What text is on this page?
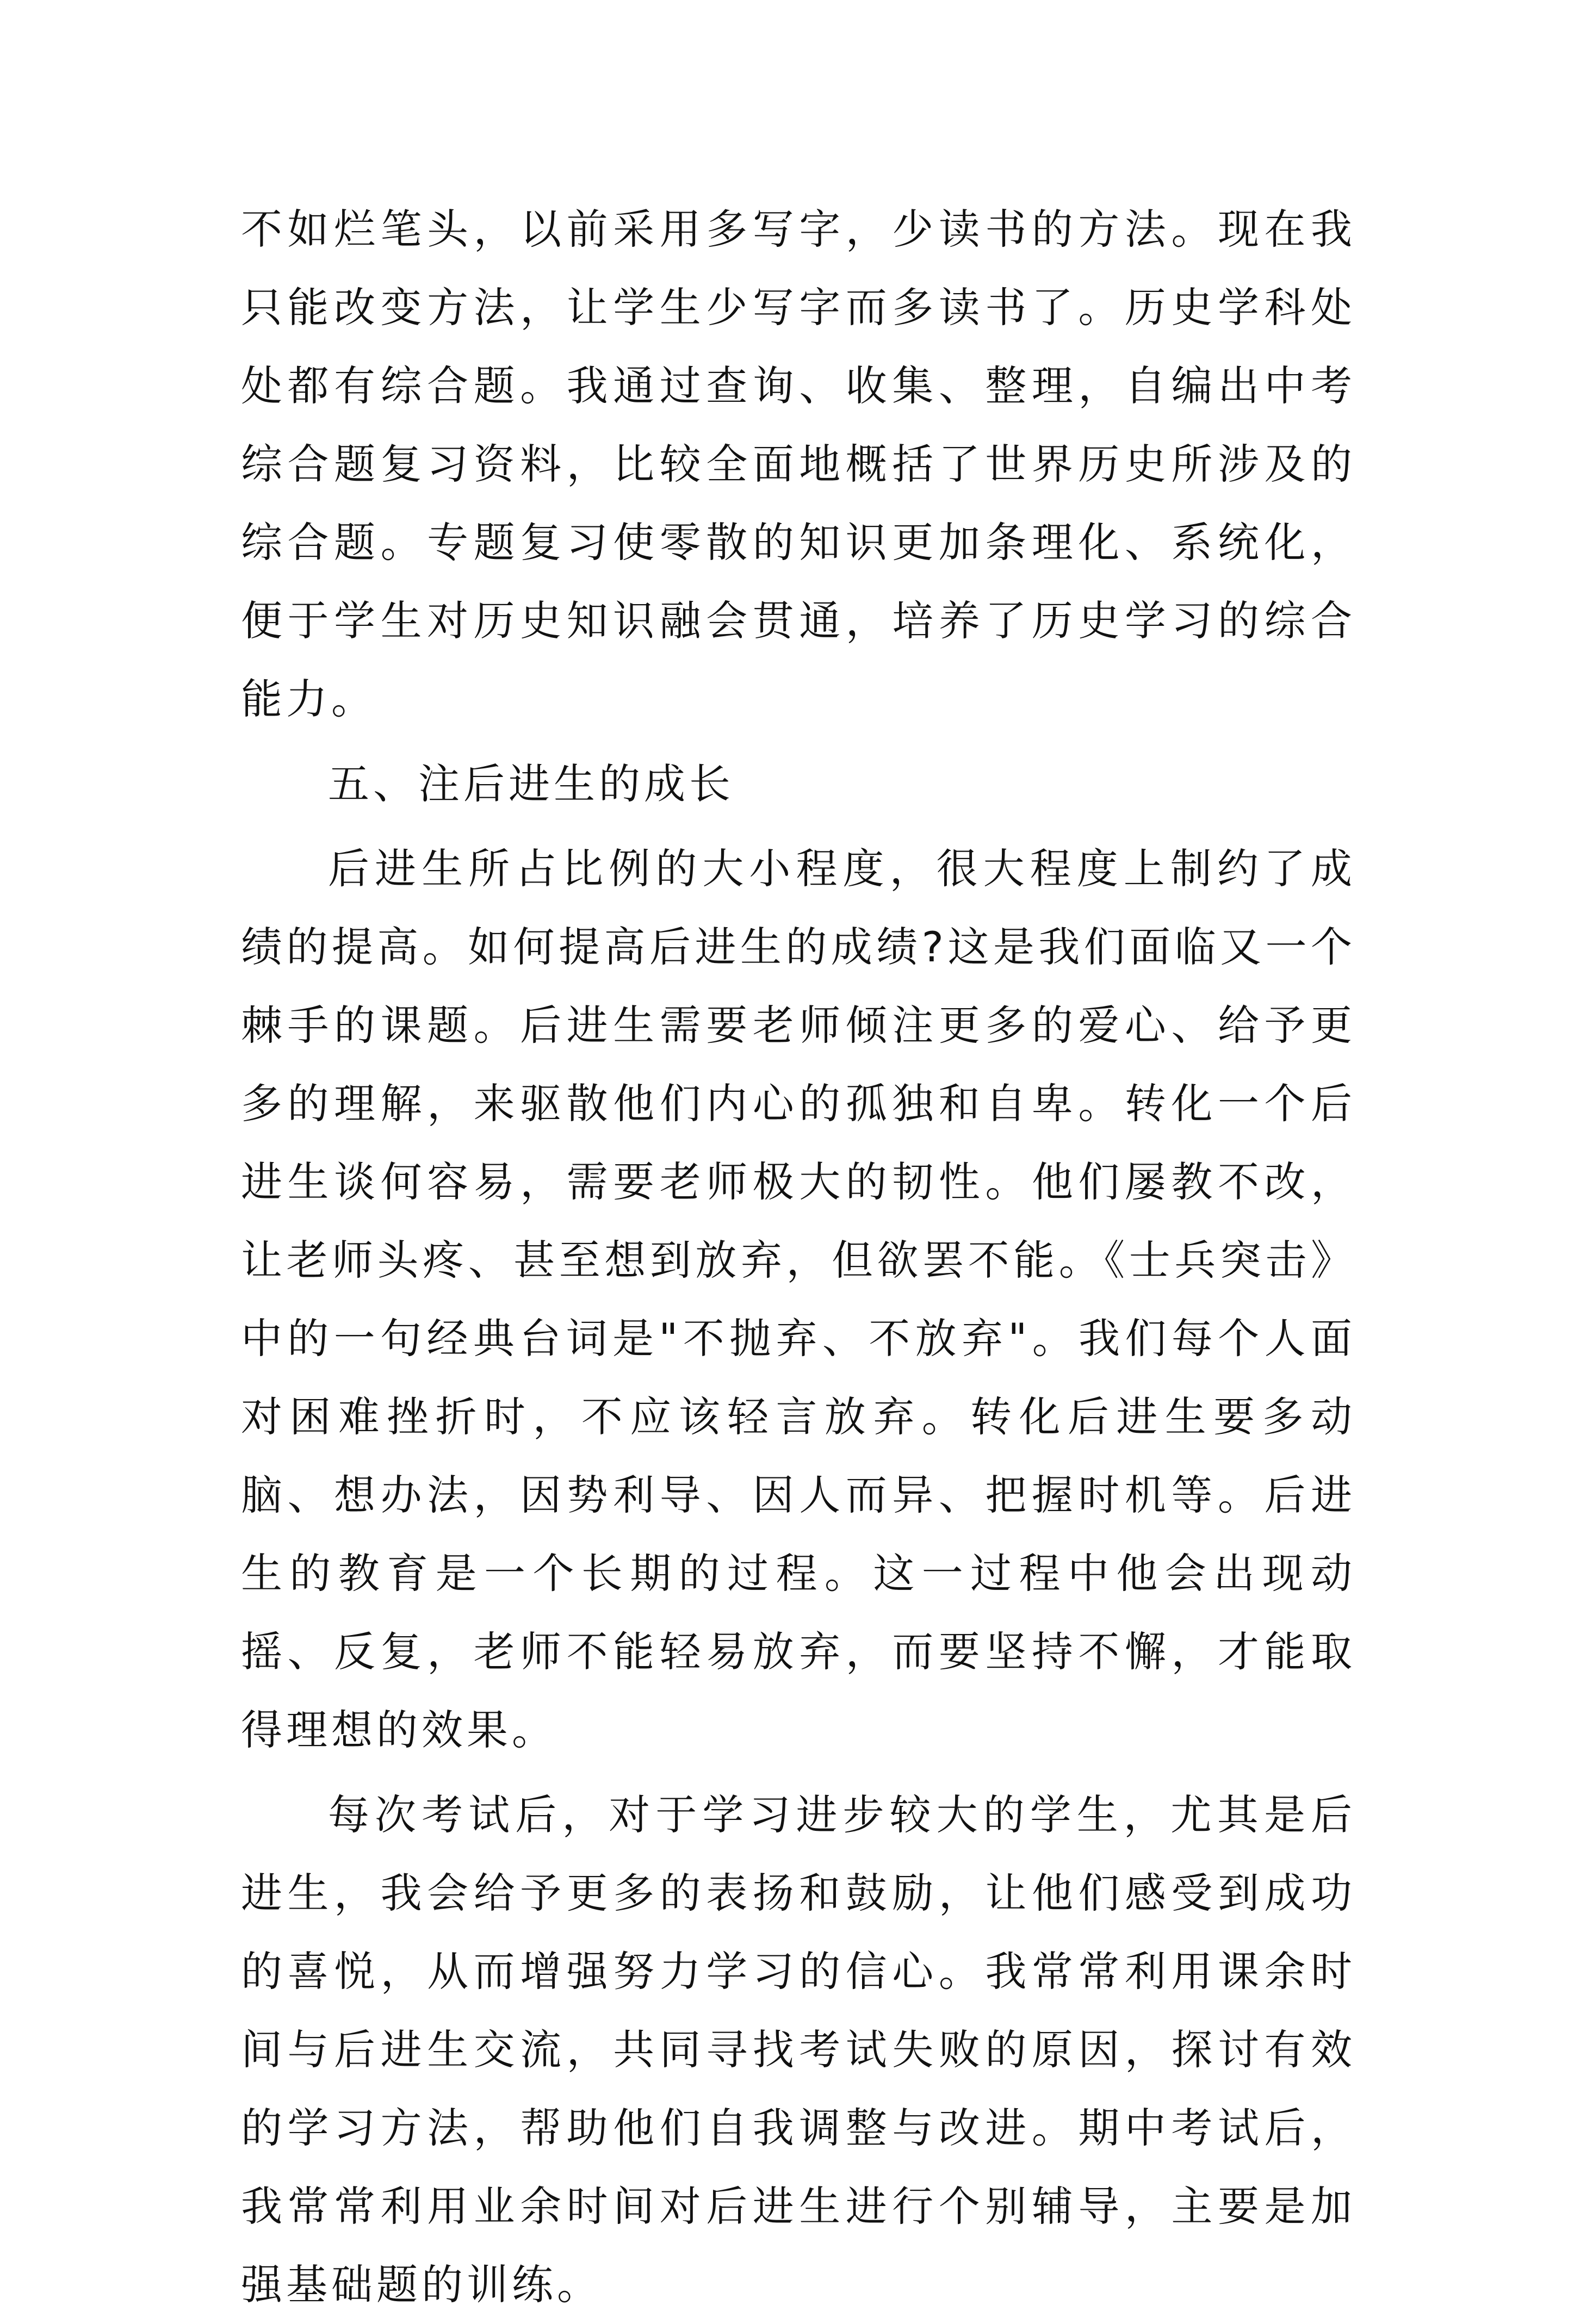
不如烂笔头，以前采用多写字，少读书的方法。现在我只能改变方法，让学生少写字而多读书了。历史学科处处都有综合题。我通过查询、收集、整理，自编出中考综合题复习资料，比较全面地概括了世界历史所涉及的综合题。专题复习使零散的知识更加条理化、系统化，便于学生对历史知识融会贯通，培养了历史学习的综合能力。

五、注后进生的成长

后进生所占比例的大小程度，很大程度上制约了成绩的提高。如何提高后进生的成绩?这是我们面临又一个棘手的课题。后进生需要老师倾注更多的爱心、给予更多的理解，来驱散他们内心的孤独和自卑。转化一个后进生谈何容易，需要老师极大的韧性。他们屡教不改，让老师头疼、甚至想到放弃，但欲罢不能。《士兵突击》中的一句经典台词是"不抛弃、不放弃"。我们每个人面对困难挫折时，不应该轻言放弃。转化后进生要多动脑、想办法，因势利导、因人而异、把握时机等。后进生的教育是一个长期的过程。这一过程中他会出现动摇、反复，老师不能轻易放弃，而要坚持不懈，才能取得理想的效果。

每次考试后，对于学习进步较大的学生，尤其是后进生，我会给予更多的表扬和鼓励，让他们感受到成功的喜悦，从而增强努力学习的信心。我常常利用课余时间与后进生交流，共同寻找考试失败的原因，探讨有效的学习方法，帮助他们自我调整与改进。期中考试后，我常常利用业余时间对后进生进行个别辅导，主要是加强基础题的训练。
